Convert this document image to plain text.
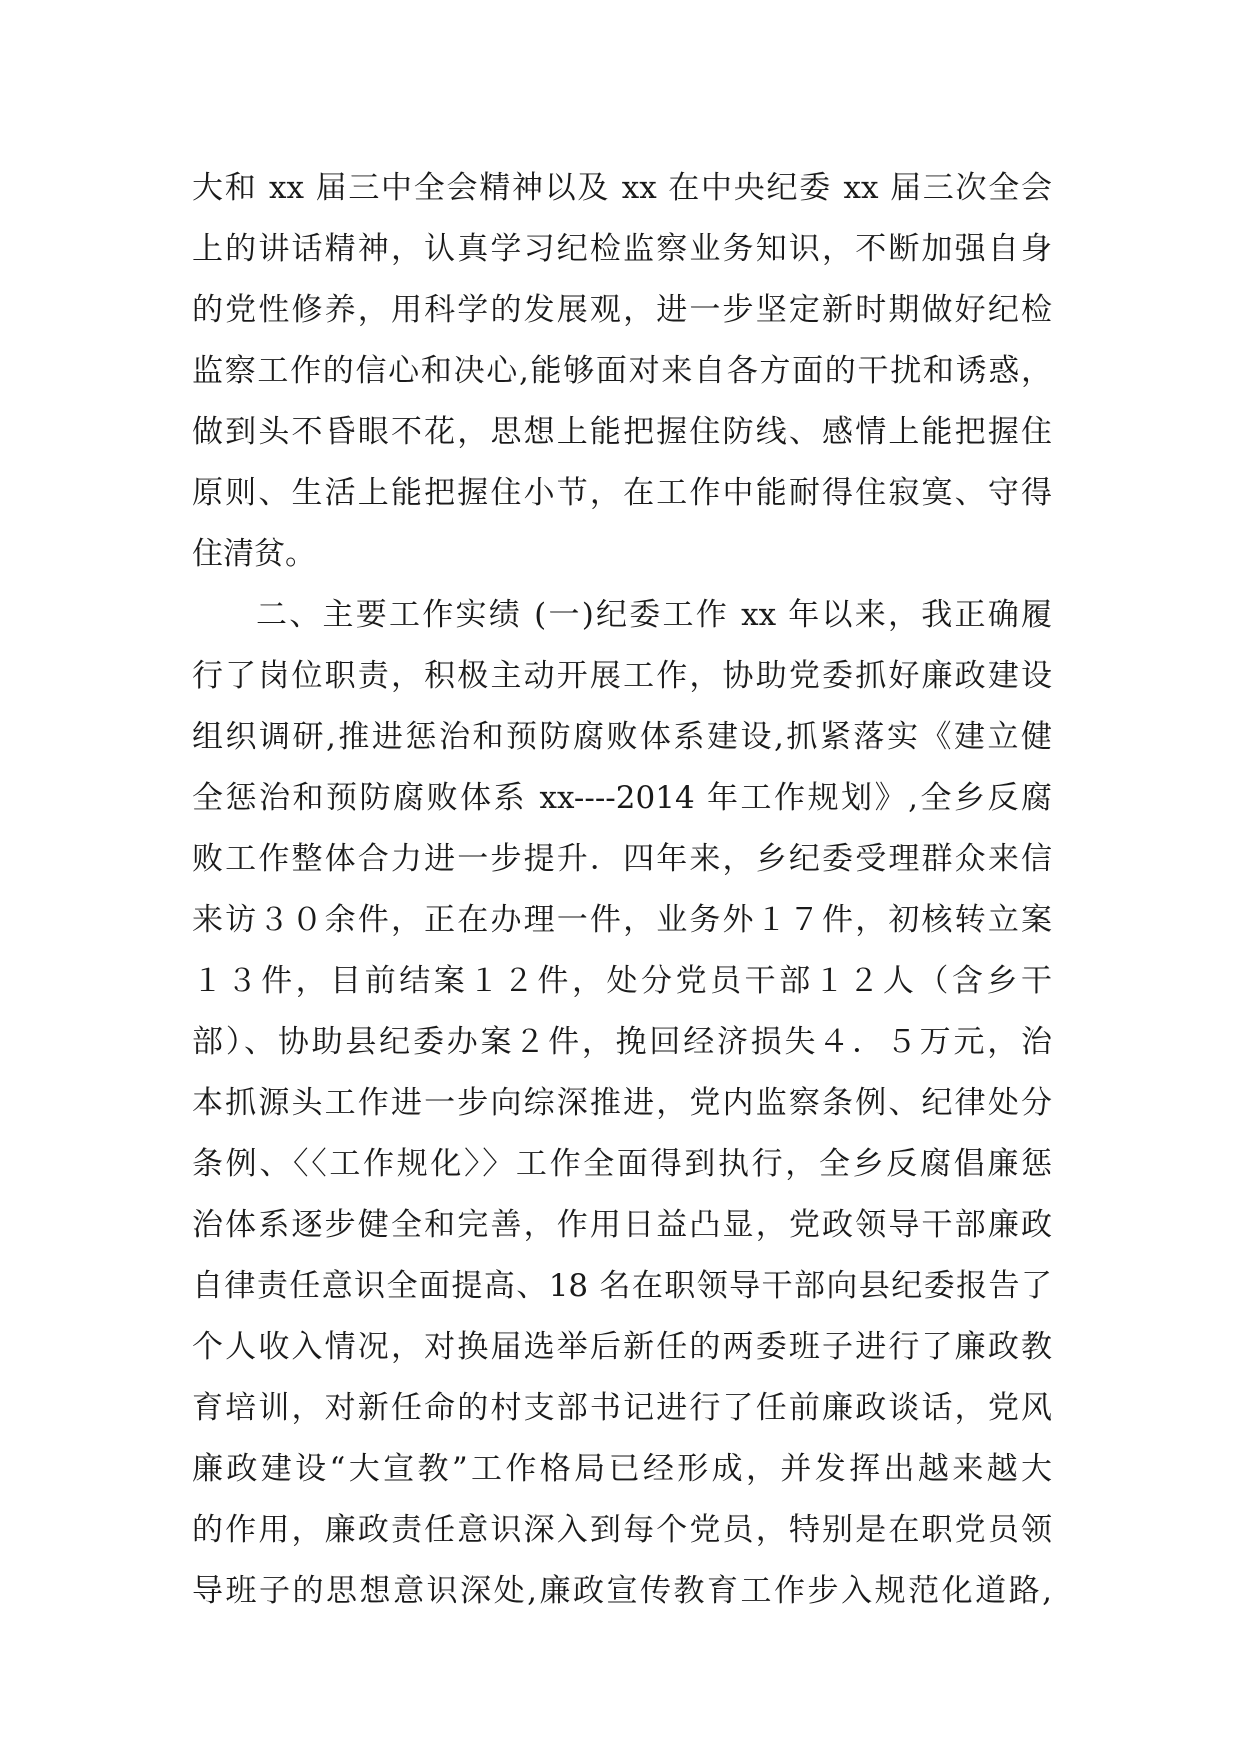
大和 xx 届三中全会精神以及 xx 在中央纪委 xx 届三次全会
上的讲话精神，认真学习纪检监察业务知识，不断加强自身
的党性修养，用科学的发展观，进一步坚定新时期做好纪检
监察工作的信心和决心,能够面对来自各方面的干扰和诱惑，
做到头不昏眼不花，思想上能把握住防线、感情上能把握住
原则、生活上能把握住小节，在工作中能耐得住寂寞、守得
住清贫。
二、主要工作实绩 (一)纪委工作 xx 年以来，我正确履
行了岗位职责，积极主动开展工作，协助党委抓好廉政建设
组织调研,推进惩治和预防腐败体系建设,抓紧落实《建立健
全惩治和预防腐败体系 xx----2014 年工作规划》,全乡反腐
败工作整体合力进一步提升．四年来，乡纪委受理群众来信
来访３０余件，正在办理一件，业务外１７件，初核转立案
１３件，目前结案１２件，处分党员干部１２人（含乡干
部）、协助县纪委办案２件，挽回经济损失４．５万元，治
本抓源头工作进一步向综深推进，党内监察条例、纪律处分
条例、〈〈工作规化〉〉工作全面得到执行，全乡反腐倡廉惩
治体系逐步健全和完善，作用日益凸显，党政领导干部廉政
自律责任意识全面提高、18 名在职领导干部向县纪委报告了
个人收入情况，对换届选举后新任的两委班子进行了廉政教
育培训，对新任命的村支部书记进行了任前廉政谈话，党风
廉政建设“大宣教”工作格局已经形成，并发挥出越来越大
的作用，廉政责任意识深入到每个党员，特别是在职党员领
导班子的思想意识深处,廉政宣传教育工作步入规范化道路,
